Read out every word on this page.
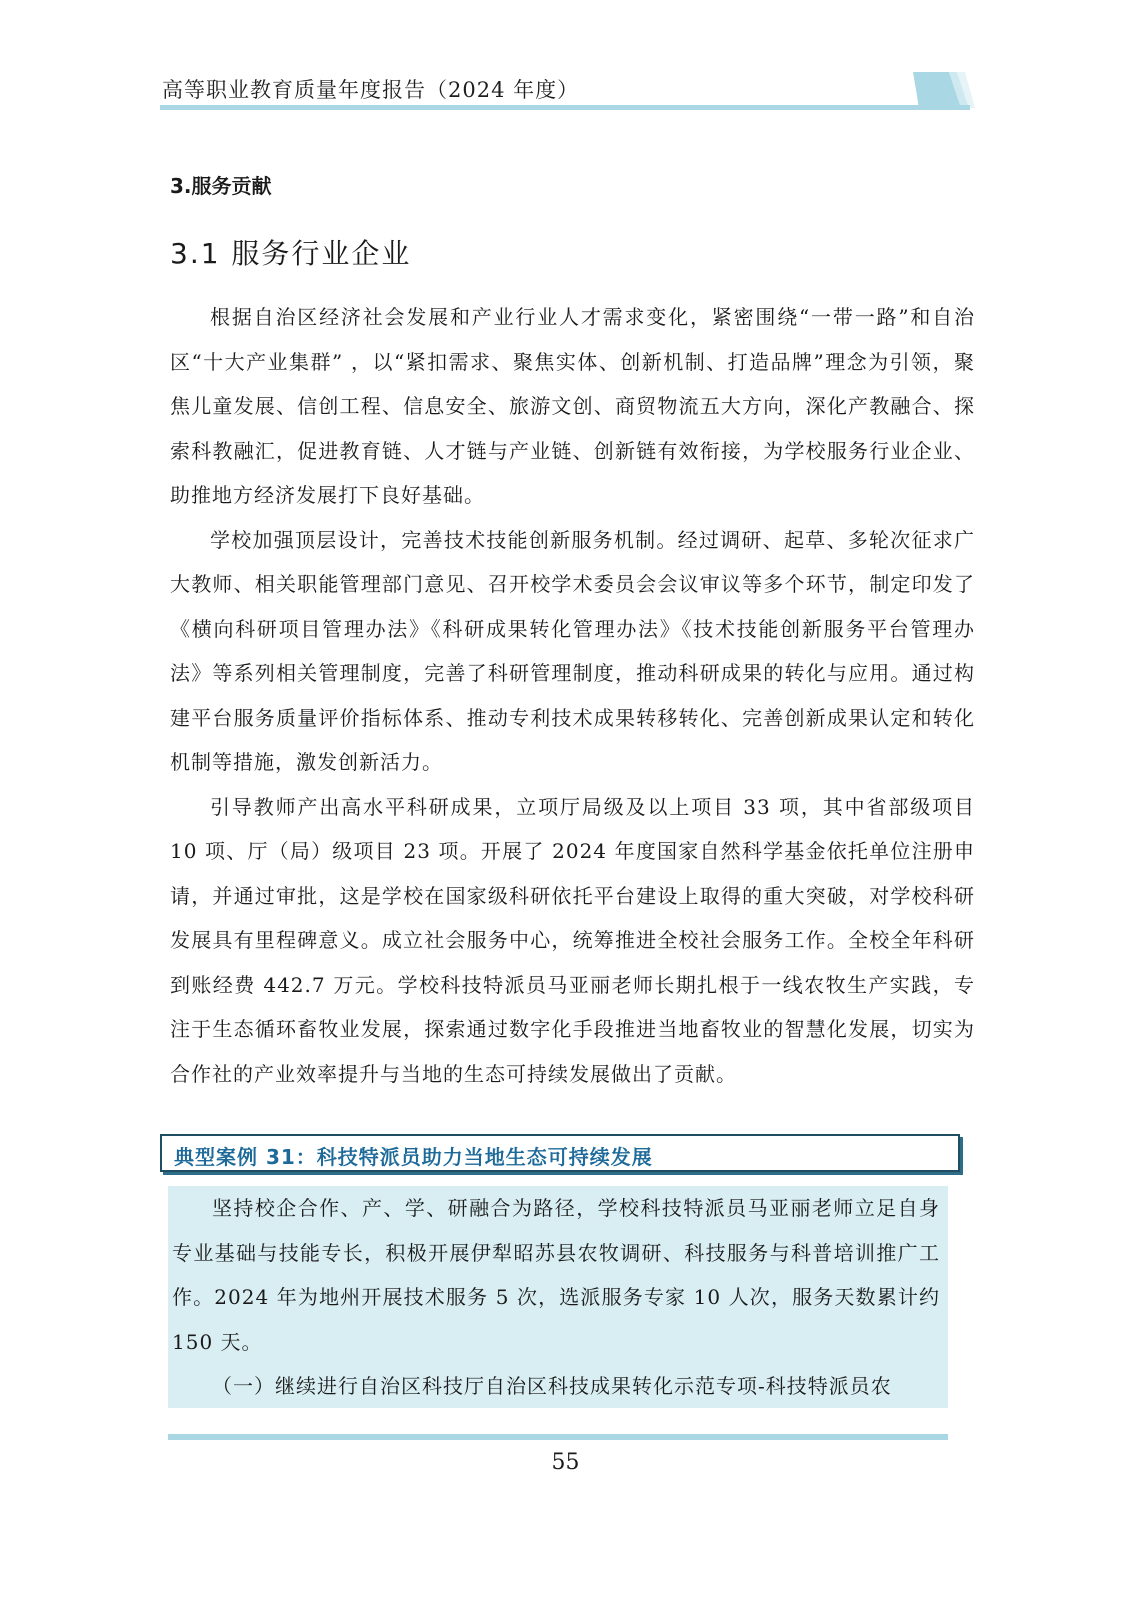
高等职业教育质量年度报告（2024 年度）
3.服务贡献
3.1 服务行业企业

根据自治区经济社会发展和产业行业人才需求变化，紧密围绕“一带一路”和自治区“十大产业集群” ，以“紧扣需求、聚焦实体、创新机制、打造品牌”理念为引领，聚焦儿童发展、信创工程、信息安全、旅游文创、商贸物流五大方向，深化产教融合、探索科教融汇，促进教育链、人才链与产业链、创新链有效衔接，为学校服务行业企业、助推地方经济发展打下良好基础。

学校加强顶层设计，完善技术技能创新服务机制。经过调研、起草、多轮次征求广大教师、相关职能管理部门意见、召开校学术委员会会议审议等多个环节，制定印发了《横向科研项目管理办法》《科研成果转化管理办法》《技术技能创新服务平台管理办法》等系列相关管理制度，完善了科研管理制度，推动科研成果的转化与应用。通过构建平台服务质量评价指标体系、推动专利技术成果转移转化、完善创新成果认定和转化机制等措施，激发创新活力。

引导教师产出高水平科研成果，立项厅局级及以上项目 33 项，其中省部级项目 10 项、厅（局）级项目 23 项。开展了 2024 年度国家自然科学基金依托单位注册申请，并通过审批，这是学校在国家级科研依托平台建设上取得的重大突破，对学校科研发展具有里程碑意义。成立社会服务中心，统筹推进全校社会服务工作。全校全年科研到账经费 442.7 万元。学校科技特派员马亚丽老师长期扎根于一线农牧生产实践，专注于生态循环畜牧业发展，探索通过数字化手段推进当地畜牧业的智慧化发展，切实为合作社的产业效率提升与当地的生态可持续发展做出了贡献。

典型案例 31：科技特派员助力当地生态可持续发展

坚持校企合作、产、学、研融合为路径，学校科技特派员马亚丽老师立足自身专业基础与技能专长，积极开展伊犁昭苏县农牧调研、科技服务与科普培训推广工作。2024 年为地州开展技术服务 5 次，选派服务专家 10 人次，服务天数累计约 150 天。

（一）继续进行自治区科技厅自治区科技成果转化示范专项-科技特派员农

55
